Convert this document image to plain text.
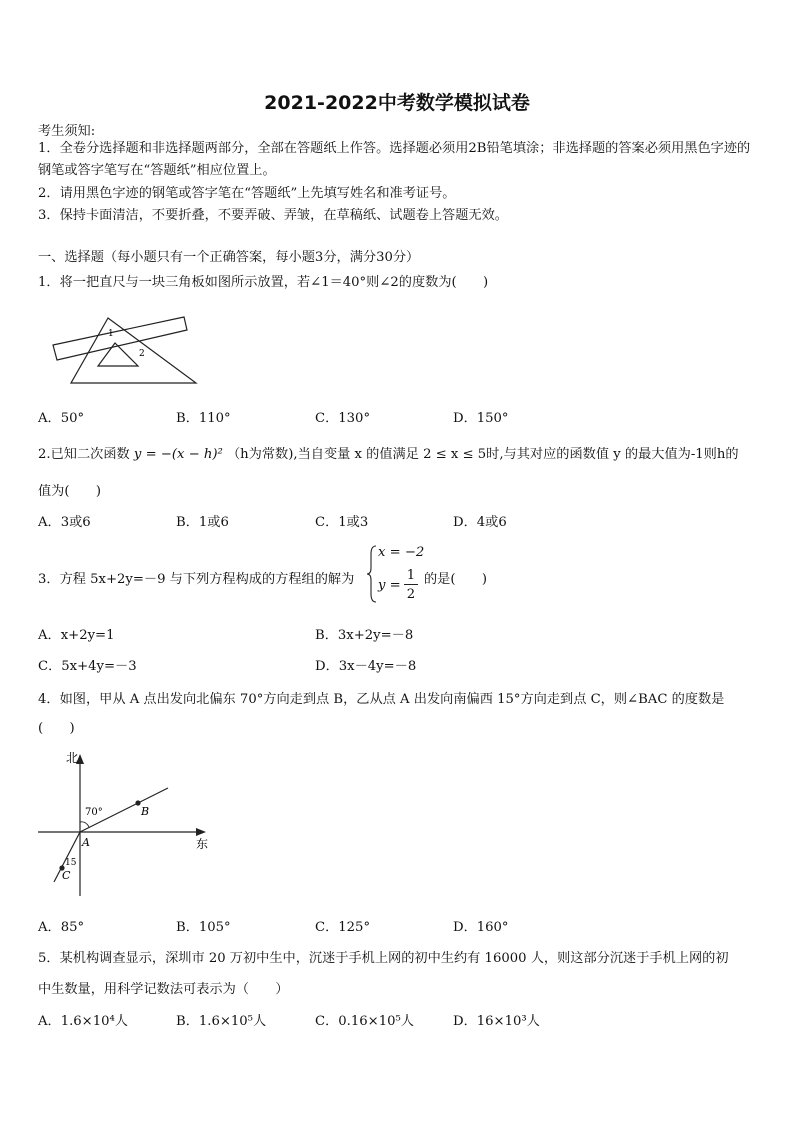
2021-2022中考数学模拟试卷
考生须知:
1．全卷分选择题和非选择题两部分，全部在答题纸上作答。选择题必须用2B铅笔填涂；非选择题的答案必须用黑色字迹的钢笔或答字笔写在“答题纸”相应位置上。
2．请用黑色字迹的钢笔或答字笔在“答题纸”上先填写姓名和准考证号。
3．保持卡面清洁，不要折叠，不要弄破、弄皱，在草稿纸、试题卷上答题无效。
一、选择题（每小题只有一个正确答案，每小题3分，满分30分）
1．将一把直尺与一块三角板如图所示放置，若∠1＝40°则∠2的度数为(　　)
1
2
A．50°	B．110°	C．130°	D．150°
2.已知二次函数 y = −(x − h)² （h为常数),当自变量 x 的值满足 2 ≤ x ≤ 5时,与其对应的函数值 y 的最大值为-1则h的
值为(　　)
A．3或6	B．1或6	C．1或3	D．4或6
3．方程 5x+2y=－9 与下列方程构成的方程组的解为
x = −2
y =
1
2
的是(　　)
A．x+2y=1	B．3x+2y=－8
C．5x+4y=－3	D．3x－4y=－8
4．如图，甲从 A 点出发向北偏东 70°方向走到点 B，乙从点 A 出发向南偏西 15°方向走到点 C，则∠BAC 的度数是
(　　)
北
东
A
B
C
70°
15
A．85°	B．105°	C．125°	D．160°
5．某机构调查显示，深圳市 20 万初中生中，沉迷于手机上网的初中生约有 16000 人，则这部分沉迷于手机上网的初
中生数量，用科学记数法可表示为（　　）
A．1.6×10⁴人	B．1.6×10⁵人	C．0.16×10⁵人	D．16×10³人
